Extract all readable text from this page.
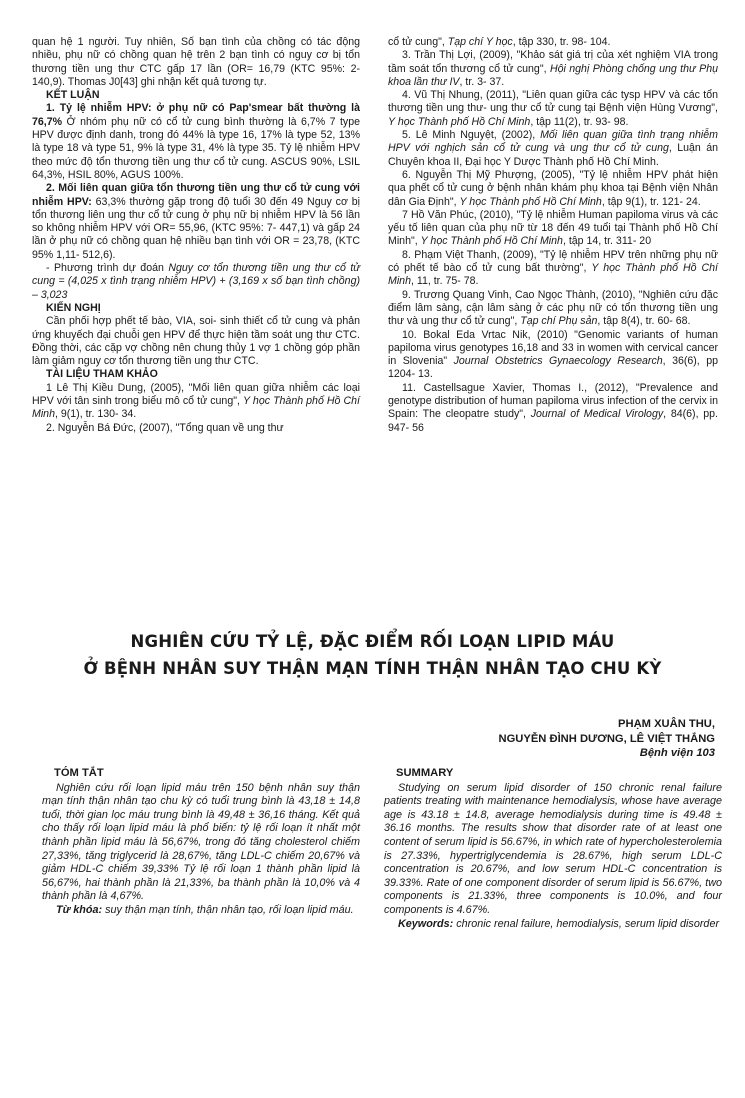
quan hệ 1 người. Tuy nhiên, Số bạn tình của chồng có tác động nhiều, phụ nữ có chồng quan hệ trên 2 bạn tình có nguy cơ bị tổn thương tiền ung thư CTC gấp 17 lần (OR= 16,79 (KTC 95%: 2- 140,9). Thomas J0[43] ghi nhận kết quả tương tự.

KẾT LUẬN

1. Tỷ lệ nhiễm HPV: ở phụ nữ có Pap'smear bất thường là 76,7% Ở nhóm phụ nữ có cổ tử cung bình thường là 6,7% 7 type HPV được định danh, trong đó 44% là type 16, 17% là type 52, 13% là type 18 và type 51, 9% là type 31, 4% là type 35. Tỷ lệ nhiễm HPV theo mức độ tổn thương tiền ung thư cổ tử cung. ASCUS 90%, LSIL 64,3%, HSIL 80%, AGUS 100%.

2. Mối liên quan giữa tổn thương tiền ung thư cổ tử cung với nhiễm HPV: 63,3% thường gặp trong độ tuổi 30 đến 49 Nguy cơ bị tổn thương liên ung thư cổ tử cung ở phụ nữ bị nhiễm HPV là 56 lần so không nhiễm HPV với OR= 55,96, (KTC 95%: 7- 447,1) và gấp 24 lần ở phụ nữ có chồng quan hệ nhiều bạn tình với OR = 23,78, (KTC 95% 1,11- 512,6).

- Phương trình dự đoán Nguy cơ tổn thương tiền ung thư cổ tử cung = (4,025 x tình trạng nhiễm HPV) + (3,169 x số bạn tình chồng) – 3,023

KIẾN NGHỊ

Cần phối hợp phết tế bào, VIA, soi- sinh thiết cổ tử cung và phản ứng khuyếch đại chuỗi gen HPV để thực hiện tầm soát ung thư CTC. Đồng thời, các cặp vợ chồng nên chung thủy 1 vợ 1 chồng góp phần làm giảm nguy cơ tổn thương tiền ung thư CTC.

TÀI LIỆU THAM KHẢO

1 Lê Thị Kiều Dung, (2005), "Mối liên quan giữa nhiễm các loại HPV với tân sinh trong biểu mô cổ tử cung", Y học Thành phố Hồ Chí Minh, 9(1), tr. 130- 34.

2. Nguyễn Bá Đức, (2007), "Tổng quan về ung thư

cổ tử cung", Tạp chí Y học, tập 330, tr. 98- 104.

3. Trần Thị Lợi, (2009), "Khảo sát giá trị của xét nghiệm VIA trong tầm soát tổn thương cổ tử cung", Hội nghị Phòng chống ung thư Phụ khoa lần thư IV, tr. 3- 37.

4. Vũ Thị Nhung, (2011), "Liên quan giữa các tysp HPV và các tổn thương tiền ung thư- ung thư cổ tử cung tại Bệnh viện Hùng Vương", Y học Thành phố Hồ Chí Minh, tập 11(2), tr. 93- 98.

5. Lê Minh Nguyệt, (2002), Mối liên quan giữa tình trạng nhiễm HPV với nghịch sản cổ tử cung và ung thư cổ tử cung, Luận án Chuyên khoa II, Đại học Y Dược Thành phố Hồ Chí Minh.

6. Nguyễn Thị Mỹ Phượng, (2005), "Tỷ lệ nhiễm HPV phát hiện qua phết cổ tử cung ở bệnh nhân khám phụ khoa tại Bệnh viện Nhân dân Gia Định", Y học Thành phố Hồ Chí Minh, tập 9(1), tr. 121- 24.

7 Hồ Văn Phúc, (2010), "Tỷ lệ nhiễm Human papiloma virus và các yếu tố liên quan của phụ nữ từ 18 đến 49 tuổi tại Thành phố Hồ Chí Minh", Y học Thành phố Hồ Chí Minh, tập 14, tr. 311- 20

8. Phạm Việt Thanh, (2009), "Tỷ lệ nhiễm HPV trên những phụ nữ có phết tế bào cổ tử cung bất thường", Y học Thành phố Hồ Chí Minh, 11, tr. 75- 78.

9. Trương Quang Vinh, Cao Ngọc Thành, (2010), "Nghiên cứu đặc điểm lâm sàng, cận lâm sàng ở các phụ nữ có tổn thương tiền ung thư và ung thư cổ tử cung", Tạp chí Phụ sản, tập 8(4), tr. 60- 68.

10. Bokal Eda Vrtac Nik, (2010) "Genomic variants of human papiloma virus genotypes 16,18 and 33 in women with cervical cancer in Slovenia" Journal Obstetrics Gynaecology Research, 36(6), pp 1204- 13.

11. Castellsague Xavier, Thomas I., (2012), "Prevalence and genotype distribution of human papiloma virus infection of the cervix in Spain: The cleopatre study", Journal of Medical Virology, 84(6), pp. 947- 56

NGHIÊN CỨU TỶ LỆ, ĐẶC ĐIỂM RỐI LOẠN LIPID MÁU
Ở BỆNH NHÂN SUY THẬN MẠN TÍNH THẬN NHÂN TẠO CHU KỲ
PHẠM XUÂN THU,
NGUYỄN ĐÌNH DƯƠNG, LÊ VIỆT THẮNG
Bệnh viện 103

TÓM TẮT

Nghiên cứu rối loạn lipid máu trên 150 bệnh nhân suy thận mạn tính thận nhân tạo chu kỳ có tuổi trung bình là 43,18 ± 14,8 tuổi, thời gian lọc máu trung bình là 49,48 ± 36,16 tháng. Kết quả cho thấy rối loạn lipid máu là phổ biến: tỷ lệ rối loạn ít nhất một thành phần lipid máu là 56,67%, trong đó tăng cholesterol chiếm 27,33%, tăng triglycerid là 28,67%, tăng LDL-C chiếm 20,67% và giảm HDL-C chiếm 39,33% Tỷ lệ rối loạn 1 thành phần lipid là 56,67%, hai thành phần là 21,33%, ba thành phần là 10,0% và 4 thành phần là 4,67%.

Từ khóa: suy thận mạn tính, thận nhân tạo, rối loạn lipid máu.

SUMMARY

Studying on serum lipid disorder of 150 chronic renal failure patients treating with maintenance hemodialysis, whose have average age is 43.18 ± 14.8, average hemodialysis during time is 49.48 ± 36.16 months. The results show that disorder rate of at least one content of serum lipid is 56.67%, in which rate of hypercholesterolemia is 27.33%, hypertriglycendemia is 28.67%, high serum LDL-C concentration is 20.67%, and low serum HDL-C concentration is 39.33%. Rate of one component disorder of serum lipid is 56.67%, two components is 21.33%, three components is 10.0%, and four components is 4.67%.

Keywords: chronic renal failure, hemodialysis, serum lipid disorder
